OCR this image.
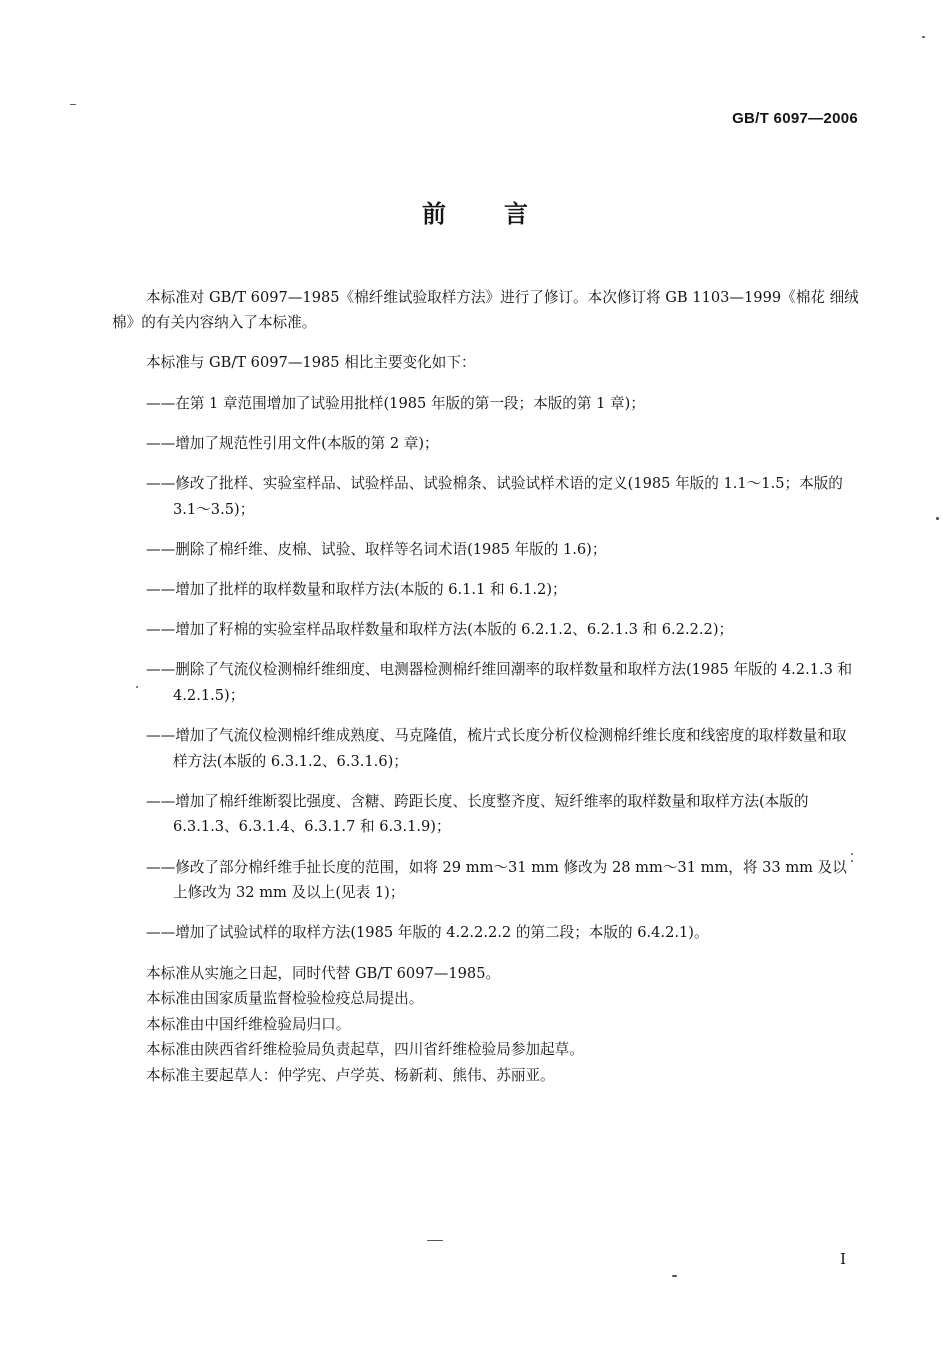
GB/T 6097—2006
前言

本标准对 GB/T 6097—1985《棉纤维试验取样方法》进行了修订。本次修订将 GB 1103—1999《棉花 细绒棉》的有关内容纳入了本标准。

本标准与 GB/T 6097—1985 相比主要变化如下：

——在第 1 章范围增加了试验用批样(1985 年版的第一段；本版的第 1 章)；

——增加了规范性引用文件(本版的第 2 章)；

——修改了批样、实验室样品、试验样品、试验棉条、试验试样术语的定义(1985 年版的 1.1～1.5；本版的 3.1～3.5)；

——删除了棉纤维、皮棉、试验、取样等名词术语(1985 年版的 1.6)；

——增加了批样的取样数量和取样方法(本版的 6.1.1 和 6.1.2)；

——增加了籽棉的实验室样品取样数量和取样方法(本版的 6.2.1.2、6.2.1.3 和 6.2.2.2)；

——删除了气流仪检测棉纤维细度、电测器检测棉纤维回潮率的取样数量和取样方法(1985 年版的 4.2.1.3 和 4.2.1.5)；

——增加了气流仪检测棉纤维成熟度、马克隆值，梳片式长度分析仪检测棉纤维长度和线密度的取样数量和取样方法(本版的 6.3.1.2、6.3.1.6)；

——增加了棉纤维断裂比强度、含糖、跨距长度、长度整齐度、短纤维率的取样数量和取样方法(本版的 6.3.1.3、6.3.1.4、6.3.1.7 和 6.3.1.9)；

——修改了部分棉纤维手扯长度的范围，如将 29 mm～31 mm 修改为 28 mm～31 mm，将 33 mm 及以上修改为 32 mm 及以上(见表 1)；

——增加了试验试样的取样方法(1985 年版的 4.2.2.2.2 的第二段；本版的 6.4.2.1)。

本标准从实施之日起，同时代替 GB/T 6097—1985。

本标准由国家质量监督检验检疫总局提出。

本标准由中国纤维检验局归口。

本标准由陕西省纤维检验局负责起草，四川省纤维检验局参加起草。

本标准主要起草人：仲学宪、卢学英、杨新莉、熊伟、苏丽亚。

I
